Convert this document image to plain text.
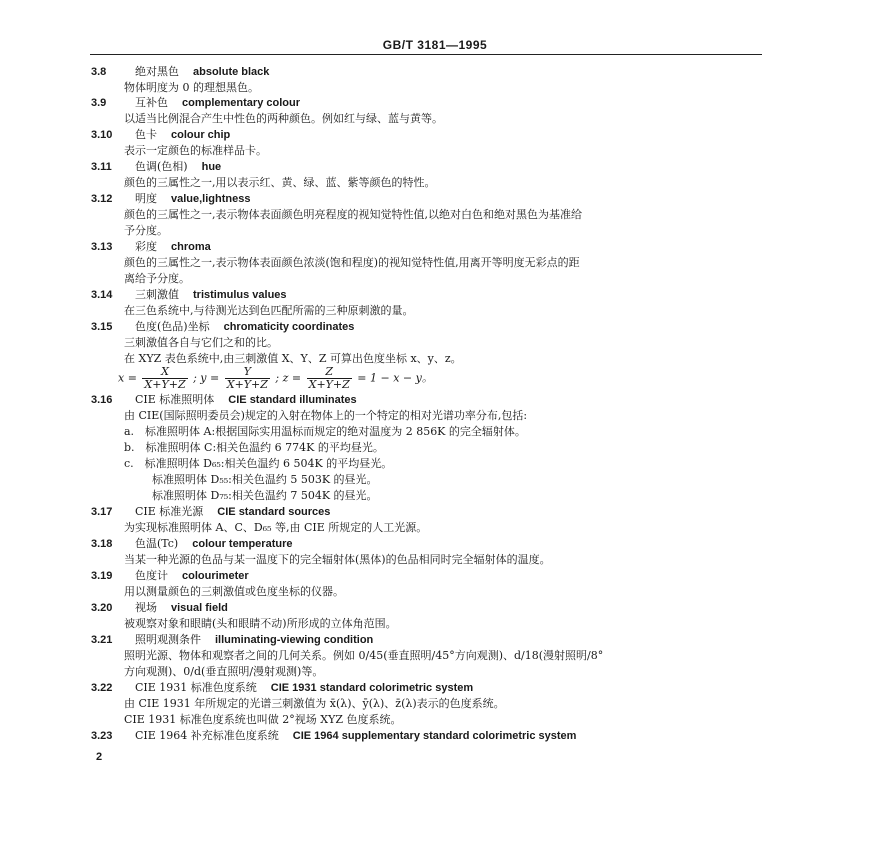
GB/T 3181—1995
3.8	绝对黑色 absolute black
物体明度为 0 的理想黑色。
3.9	互补色 complementary colour
以适当比例混合产生中性色的两种颜色。例如红与绿、蓝与黄等。
3.10 色卡 colour chip
表示一定颜色的标准样品卡。
3.11 色调(色相) hue
颜色的三属性之一,用以表示红、黄、绿、蓝、紫等颜色的特性。
3.12 明度 value,lightness
颜色的三属性之一,表示物体表面颜色明亮程度的视知觉特性值,以绝对白色和绝对黑色为基准给
予分度。
3.13 彩度 chroma
颜色的三属性之一,表示物体表面颜色浓淡(饱和程度)的视知觉特性值,用离开等明度无彩点的距
离给予分度。
3.14 三刺激值 tristimulus values
在三色系统中,与待测光达到色匹配所需的三种原刺激的量。
3.15 色度(色品)坐标 chromaticity coordinates
三刺激值各自与它们之和的比。
在 XYZ 表色系统中,由三刺激值 X、Y、Z 可算出色度坐标 x、y、z。
3.16 CIE 标准照明体 CIE standard illuminates
由 CIE(国际照明委员会)规定的入射在物体上的一个特定的相对光谱功率分布,包括:
a.　标准照明体 A:根据国际实用温标而规定的绝对温度为 2 856K 的完全辐射体。
b.　标准照明体 C:相关色温约 6 774K 的平均昼光。
c.　标准照明体 D₆₅:相关色温约 6 504K 的平均昼光。
标准照明体 D₅₅:相关色温约 5 503K 的昼光。
标准照明体 D₇₅:相关色温约 7 504K 的昼光。
3.17 CIE 标准光源 CIE standard sources
为实现标准照明体 A、C、D₆₅ 等,由 CIE 所规定的人工光源。
3.18 色温(Tc) colour temperature
当某一种光源的色品与某一温度下的完全辐射体(黑体)的色品相同时完全辐射体的温度。
3.19 色度计 colourimeter
用以测量颜色的三刺激值或色度坐标的仪器。
3.20 视场 visual field
被观察对象和眼睛(头和眼睛不动)所形成的立体角范围。
3.21 照明观测条件 illuminating-viewing condition
照明光源、物体和观察者之间的几何关系。例如 0/45(垂直照明/45°方向观测)、d/18(漫射照明/8°
方向观测)、0/d(垂直照明/漫射观测)等。
3.22 CIE 1931 标准色度系统 CIE 1931 standard colorimetric system
由 CIE 1931 年所规定的光谱三刺激值为 x̄(λ)、ȳ(λ)、z̄(λ)表示的色度系统。
CIE 1931 标准色度系统也叫做 2°视场 XYZ 色度系统。
3.23 CIE 1964 补充标准色度系统 CIE 1964 supplementary standard colorimetric system
$x = \frac{X}{X+Y+Z}$ ; $y = \frac{Y}{X+Y+Z}$ ; $z = \frac{Z}{X+Y+Z} = 1 - x - y$。
2
